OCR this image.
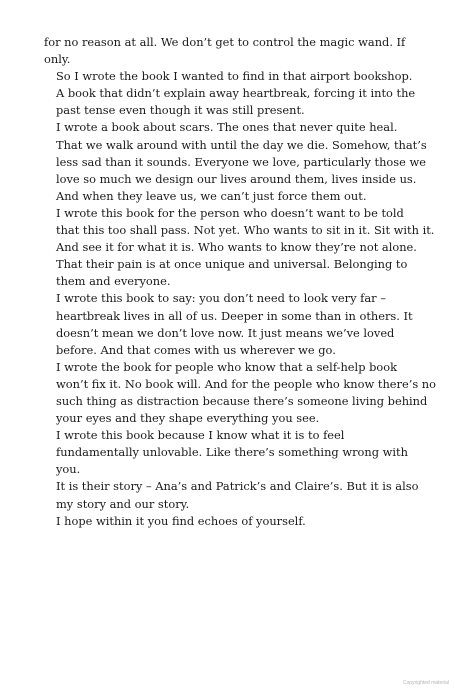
for no reason at all. We don’t get to control the magic wand. If
only.

So I wrote the book I wanted to find in that airport bookshop.

A book that didn’t explain away heartbreak, forcing it into the
past tense even though it was still present.

I wrote a book about scars. The ones that never quite heal.
That we walk around with until the day we die. Somehow, that’s
less sad than it sounds. Everyone we love, particularly those we
love so much we design our lives around them, lives inside us.
And when they leave us, we can’t just force them out.

I wrote this book for the person who doesn’t want to be told
that this too shall pass. Not yet. Who wants to sit in it. Sit with it.
And see it for what it is. Who wants to know they’re not alone.
That their pain is at once unique and universal. Belonging to
them and everyone.

I wrote this book to say: you don’t need to look very far –
heartbreak lives in all of us. Deeper in some than in others. It
doesn’t mean we don’t love now. It just means we’ve loved
before. And that comes with us wherever we go.

I wrote the book for people who know that a self-help book
won’t fix it. No book will. And for the people who know there’s no
such thing as distraction because there’s someone living behind
your eyes and they shape everything you see.

I wrote this book because I know what it is to feel
fundamentally unlovable. Like there’s something wrong with
you.

It is their story – Ana’s and Patrick’s and Claire’s. But it is also
my story and our story.

I hope within it you find echoes of yourself.

Copyrighted material
